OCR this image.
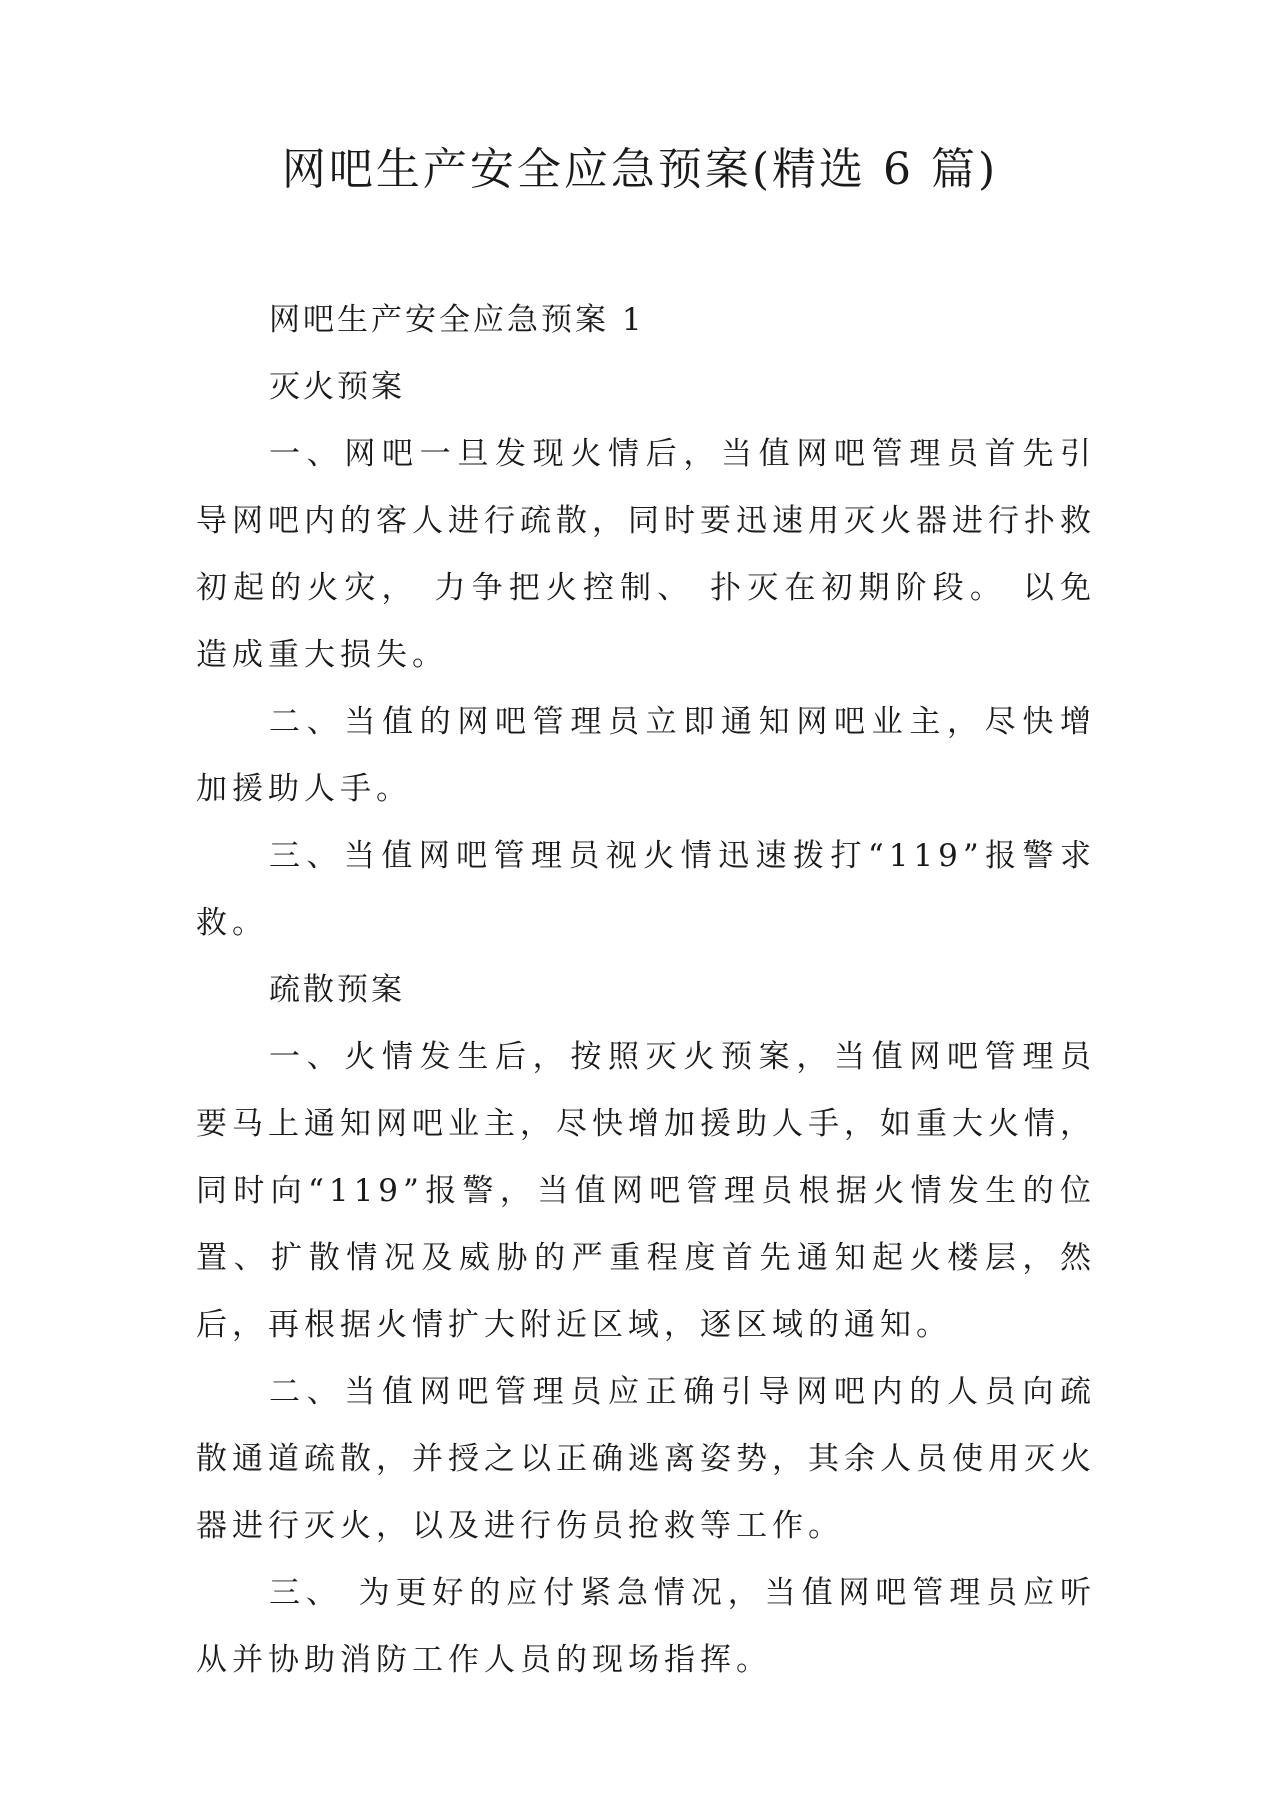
网吧生产安全应急预案(精选 6 篇)

网吧生产安全应急预案 1

灭火预案

一、网吧一旦发现火情后，当值网吧管理员首先引导网吧内的客人进行疏散，同时要迅速用灭火器进行扑救初起的火灾， 力争把火控制、 扑灭在初期阶段。 以免造成重大损失。

二、当值的网吧管理员立即通知网吧业主，尽快增加援助人手。

三、当值网吧管理员视火情迅速拨打“119”报警求救。

疏散预案

一、火情发生后，按照灭火预案，当值网吧管理员要马上通知网吧业主，尽快增加援助人手，如重大火情，同时向“119”报警，当值网吧管理员根据火情发生的位置、扩散情况及威胁的严重程度首先通知起火楼层，然后，再根据火情扩大附近区域，逐区域的通知。

二、当值网吧管理员应正确引导网吧内的人员向疏散通道疏散，并授之以正确逃离姿势，其余人员使用灭火器进行灭火，以及进行伤员抢救等工作。

三、 为更好的应付紧急情况，当值网吧管理员应听从并协助消防工作人员的现场指挥。
